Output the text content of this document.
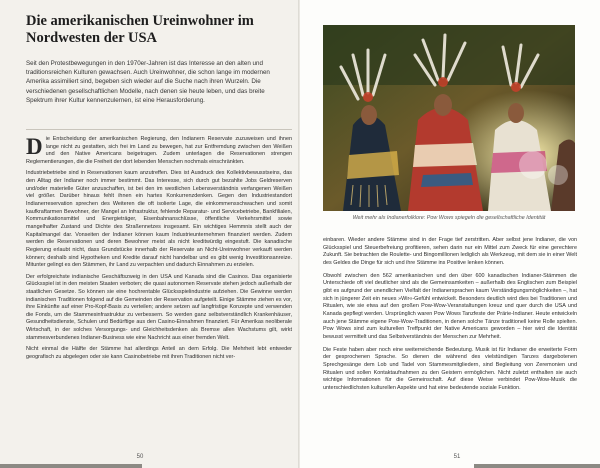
Die amerikanischen Ureinwohner im Nordwesten der USA

Seit den Protestbewegungen in den 1970er-Jahren ist das Interesse an den alten und traditionsreichen Kulturen gewachsen. Auch Ureinwohner, die schon lange im modernen Amerika assimiliert sind, begeben sich wieder auf die Suche nach ihren Wurzeln. Die verschiedenen gesellschaftlichen Modelle, nach denen sie heute leben, und das breite Spektrum ihrer Kultur kennenzulernen, ist eine Herausforderung.

Die Entscheidung der amerikanischen Regierung, den Indianern Reservate zuzuweisen und ihnen lange nicht zu gestatten, sich frei im Land zu bewegen, hat zur Entfremdung zwischen den Weißen und den Native Americans beigetragen. Zudem unterlagen die Reservationen strengen Reglementierungen, die die Freiheit der dort lebenden Menschen nochmals einschränkten.

Industriebetriebe sind in Reservationen kaum anzutreffen. Dies ist Ausdruck des Kollektivbewusstseins, das den Alltag der Indianer noch immer bestimmt. Das Interesse, sich durch gut bezahlte Jobs Geldreserven und/oder materielle Güter anzuschaffen, ist bei den im westlichen Lebensverständnis verfangenen Weißen viel größer. Darüber hinaus fehlt ihnen ein hartes Konkurrenzdenken. Gegen den Industriestandort Indianerreservation sprechen des Weiteren die oft isolierte Lage, die einkommensschwachen und somit kaufkraftarmen Bewohner, der Mangel an Infrastruktur, fehlende Reparatur- und Servicebetriebe, Bankfilialen, Kommunikationsmittel und Energieträger, Eisenbahnanschlüsse, öffentliche Verkehrsmittel sowie mangelhafter Zustand und Dichte des Straßennetzes insgesamt. Ein wichtiges Hemmnis stellt auch der Kapitalmangel dar. Vonseiten der Indianer können kaum Industrieunternehmen finanziert werden. Zudem werden die Reservationen und deren Bewohner meist als nicht kreditwürdig eingestuft. Die kanadische Regierung erlaubt nicht, dass Grundstücke innerhalb der Reservate an Nicht-Ureinwohner verkauft werden können; deshalb sind Hypotheken und Kredite darauf nicht handelbar und es gibt wenig Investitionsanreize. Mitunter gelingt es den Stämmen, ihr Land zu verpachten und dadurch Einnahmen zu erzielen.

Der erfolgreichste indianische Geschäftszweig in den USA und Kanada sind die Casinos. Das organisierte Glücksspiel ist in den meisten Staaten verboten; die quasi autonomen Reservate stehen jedoch außerhalb der staatlichen Gesetze. So können sie eine hochrentable Glücksspielindustrie aufziehen. Die Gewinne werden indianischen Traditionen folgend auf die Gemeinden der Reservation aufgeteilt. Einige Stämme ziehen es vor, ihre Einkünfte auf einer Pro-Kopf-Basis zu verteilen; andere setzen auf langfristige Konzepte und verwenden die Fonds, um die Stammesinfrastruktur zu verbessern. So werden ganz selbstverständlich Krankenhäuser, Gesundheitsdienste, Schulen und Bedürftige aus den Casino-Einnahmen finanziert. Für Amerikas neoliberale Wirtschaft, in der solches Versorgungs- und Gleichheitsdenken als Bremse allen Wachstums gilt, wirkt stammesverbundenes Indianer-Business wie eine Nachricht aus einer fremden Welt.

Nicht einmal die Hälfte der Stämme hat allerdings Anteil an dem Erfolg. Die Mehrheit lebt entweder geografisch zu abgelegen oder sie kann Casinobetriebe mit ihren Traditionen nicht ver-

50

Weit mehr als Indianerfolklore: Pow Wows spiegeln die gesellschaftliche Identität

einbaren. Wieder andere Stämme sind in der Frage tief zerstritten. Aber selbst jene Indianer, die von Glücksspiel und Steuerbefreiung profitieren, sehen darin nur ein Mittel zum Zweck für eine gerechtere Zukunft. Sie betrachten die Roulette- und Bingomillionen lediglich als Werkzeug, mit dem sie in einer Welt des Geldes die Dinge für sich und ihre Stämme ins Positive lenken können.

Obwohl zwischen den 562 amerikanischen und den über 600 kanadischen Indianer-Stämmen die Unterschiede oft viel deutlicher sind als die Gemeinsamkeiten – außerhalb des Englischen zum Beispiel gibt es aufgrund der unendlichen Vielfalt der Indianersprachen kaum Verständigungsmöglichkeiten –, hat sich in jüngerer Zeit ein neues »Wir«-Gefühl entwickelt. Besonders deutlich wird dies bei Traditionen und Ritualen, wie sie etwa auf den großen Pow-Wow-Veranstaltungen kreuz und quer durch die USA und Kanada gepflegt werden. Ursprünglich waren Pow Wows Tanzfeste der Prärie-Indianer. Heute entwickeln auch jene Stämme eigene Pow-Wow-Traditionen, in denen solche Tänze traditionell keine Rolle spielten. Pow Wows sind zum kulturellen Treffpunkt der Native Americans geworden – hier wird die Identität bewusst vermittelt und das Selbstverständnis der Menschen zur Mehrheit.

Die Feste haben aber noch eine weiterreichende Bedeutung. Musik ist für Indianer die erweiterte Form der gesprochenen Sprache. So dienen die während des vielstündigen Tanzes dargebotenen Sprechgesänge dem Lob und Tadel von Stammesmitgliedern, sind Begleitung von Zeremonien und Ritualen und sollen Kontaktaufnahmen zu den Geistern ermöglichen. Nicht zuletzt enthalten sie auch wichtige Informationen für die Gemeinschaft. Auf diese Weise verbindet Pow-Wow-Musik die unterschiedlichsten kulturellen Aspekte und hat eine bedeutende soziale Funktion.

51
